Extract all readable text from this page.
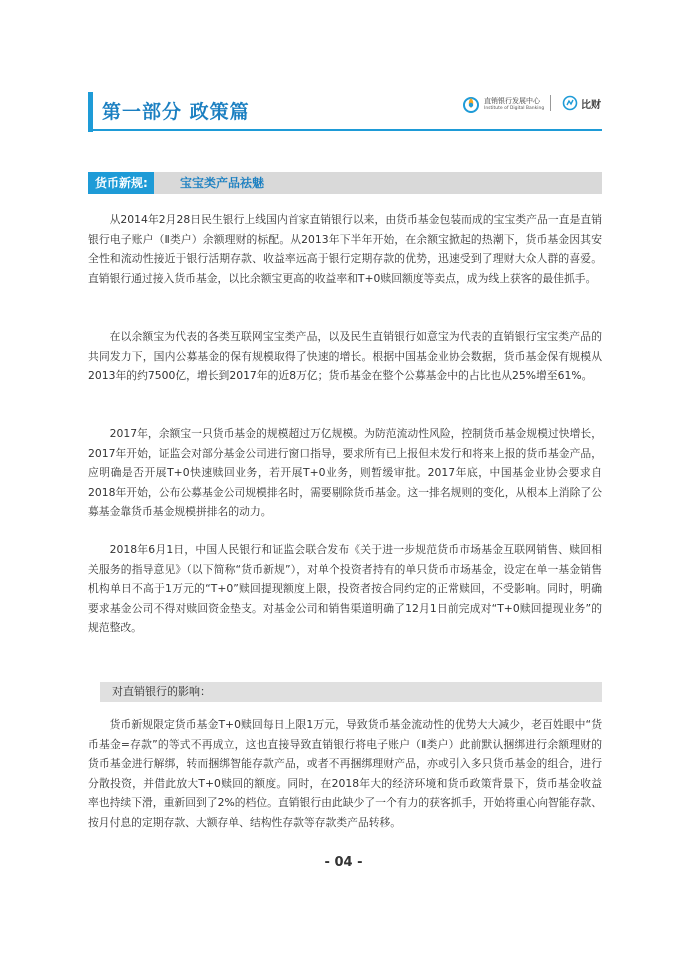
第一部分 政策篇
直销银行发展中心
Institute of Digital Banking	比财
货币新规:	宝宝类产品祛魅

从2014年2月28日民生银行上线国内首家直销银行以来，由货币基金包装而成的宝宝类产品一直是直销银行电子账户（Ⅱ类户）余额理财的标配。从2013年下半年开始，在余额宝掀起的热潮下，货币基金因其安全性和流动性接近于银行活期存款、收益率远高于银行定期存款的优势，迅速受到了理财大众人群的喜爱。直销银行通过接入货币基金，以比余额宝更高的收益率和T+0赎回额度等卖点，成为线上获客的最佳抓手。

在以余额宝为代表的各类互联网宝宝类产品，以及民生直销银行如意宝为代表的直销银行宝宝类产品的共同发力下，国内公募基金的保有规模取得了快速的增长。根据中国基金业协会数据，货币基金保有规模从2013年的约7500亿，增长到2017年的近8万亿；货币基金在整个公募基金中的占比也从25%增至61%。

2017年，余额宝一只货币基金的规模超过万亿规模。为防范流动性风险，控制货币基金规模过快增长，2017年开始，证监会对部分基金公司进行窗口指导，要求所有已上报但未发行和将来上报的货币基金产品，应明确是否开展T+0快速赎回业务，若开展T+0业务，则暂缓审批。2017年底，中国基金业协会要求自2018年开始，公布公募基金公司规模排名时，需要剔除货币基金。这一排名规则的变化，从根本上消除了公募基金靠货币基金规模拼排名的动力。

2018年6月1日，中国人民银行和证监会联合发布《关于进一步规范货币市场基金互联网销售、赎回相关服务的指导意见》（以下简称“货币新规”），对单个投资者持有的单只货币市场基金，设定在单一基金销售机构单日不高于1万元的“T+0”赎回提现额度上限，投资者按合同约定的正常赎回，不受影响。同时，明确要求基金公司不得对赎回资金垫支。对基金公司和销售渠道明确了12月1日前完成对“T+0赎回提现业务”的规范整改。

对直销银行的影响：

货币新规限定货币基金T+0赎回每日上限1万元，导致货币基金流动性的优势大大减少，老百姓眼中“货币基金=存款”的等式不再成立，这也直接导致直销银行将电子账户（Ⅱ类户）此前默认捆绑进行余额理财的货币基金进行解绑，转而捆绑智能存款产品，或者不再捆绑理财产品，亦或引入多只货币基金的组合，进行分散投资，并借此放大T+0赎回的额度。同时，在2018年大的经济环境和货币政策背景下，货币基金收益率也持续下滑，重新回到了2%的档位。直销银行由此缺少了一个有力的获客抓手，开始将重心向智能存款、按月付息的定期存款、大额存单、结构性存款等存款类产品转移。

- 04 -
